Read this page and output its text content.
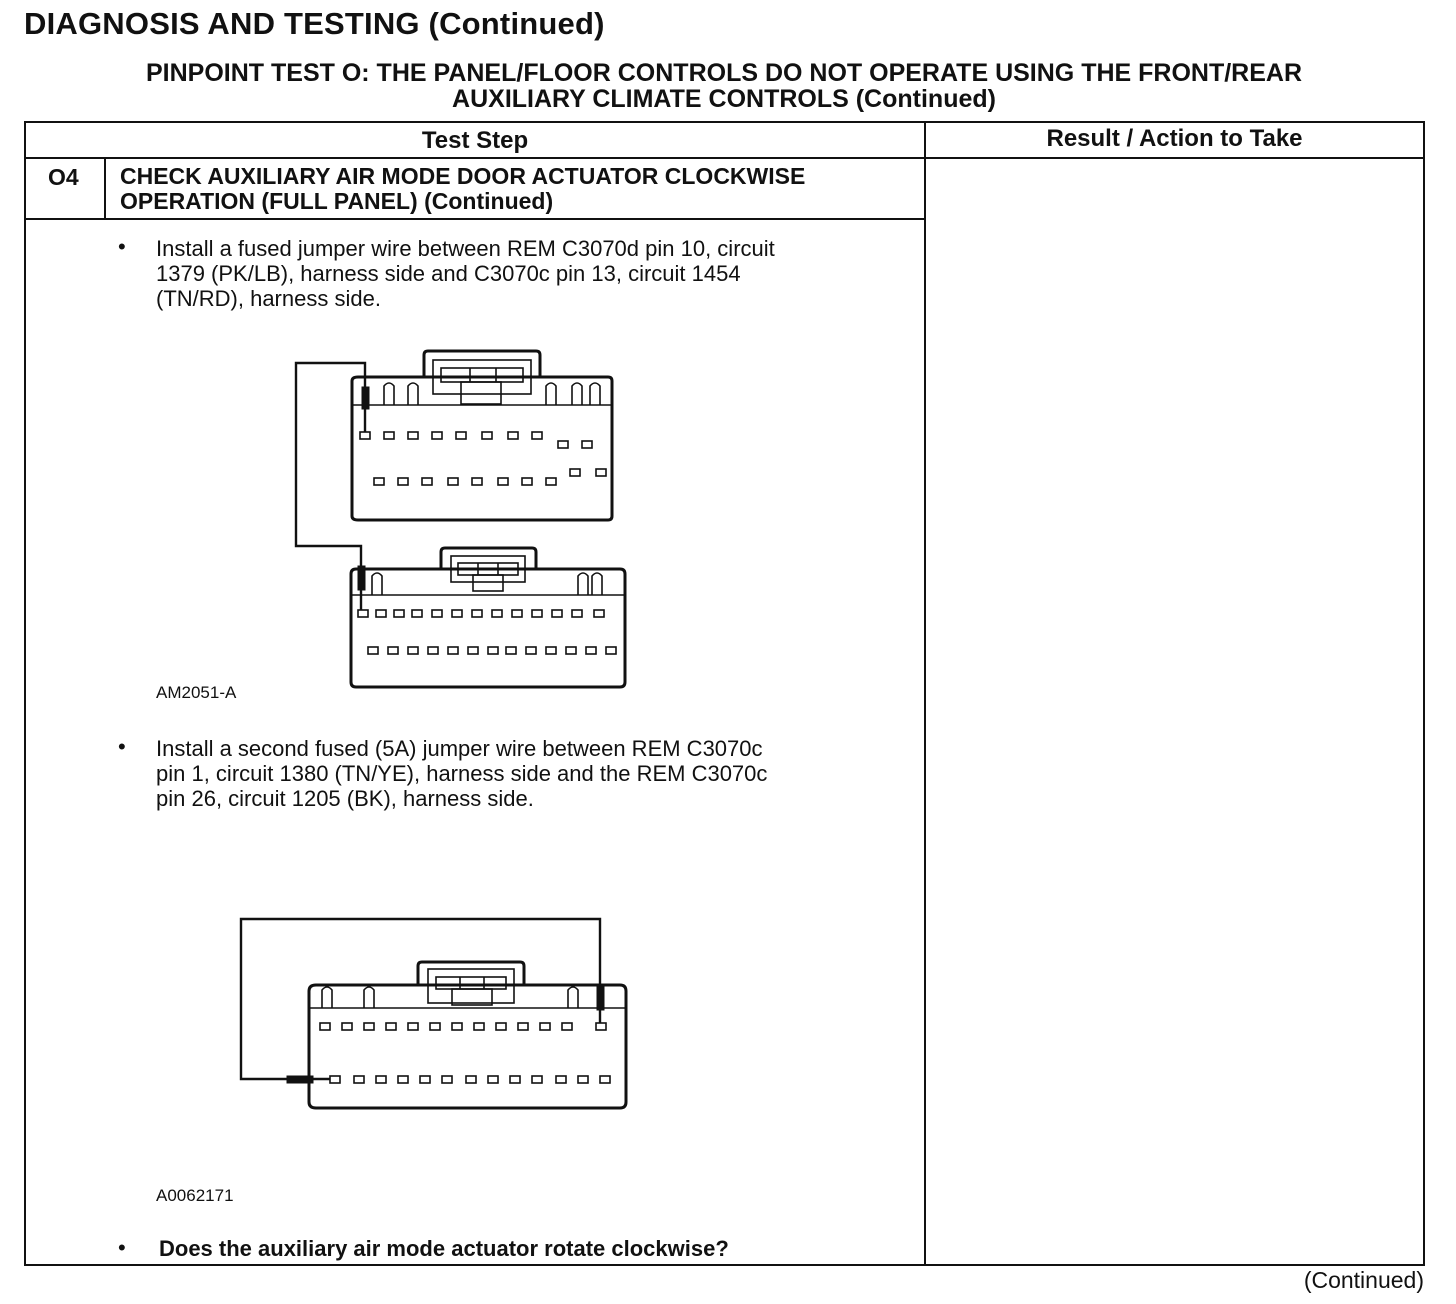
DIAGNOSIS AND TESTING (Continued)
PINPOINT TEST O: THE PANEL/FLOOR CONTROLS DO NOT OPERATE USING THE FRONT/REAR
AUXILIARY CLIMATE CONTROLS (Continued)
Test Step	Result / Action to Take
O4 CHECK AUXILIARY AIR MODE DOOR ACTUATOR CLOCKWISE
OPERATION (FULL PANEL) (Continued)
• Install a fused jumper wire between REM C3070d pin 10, circuit
1379 (PK/LB), harness side and C3070c pin 13, circuit 1454
(TN/RD), harness side.
AM2051-A
• Install a second fused (5A) jumper wire between REM C3070c
pin 1, circuit 1380 (TN/YE), harness side and the REM C3070c
pin 26, circuit 1205 (BK), harness side.
A0062171
• Does the auxiliary air mode actuator rotate clockwise?
(Continued)
